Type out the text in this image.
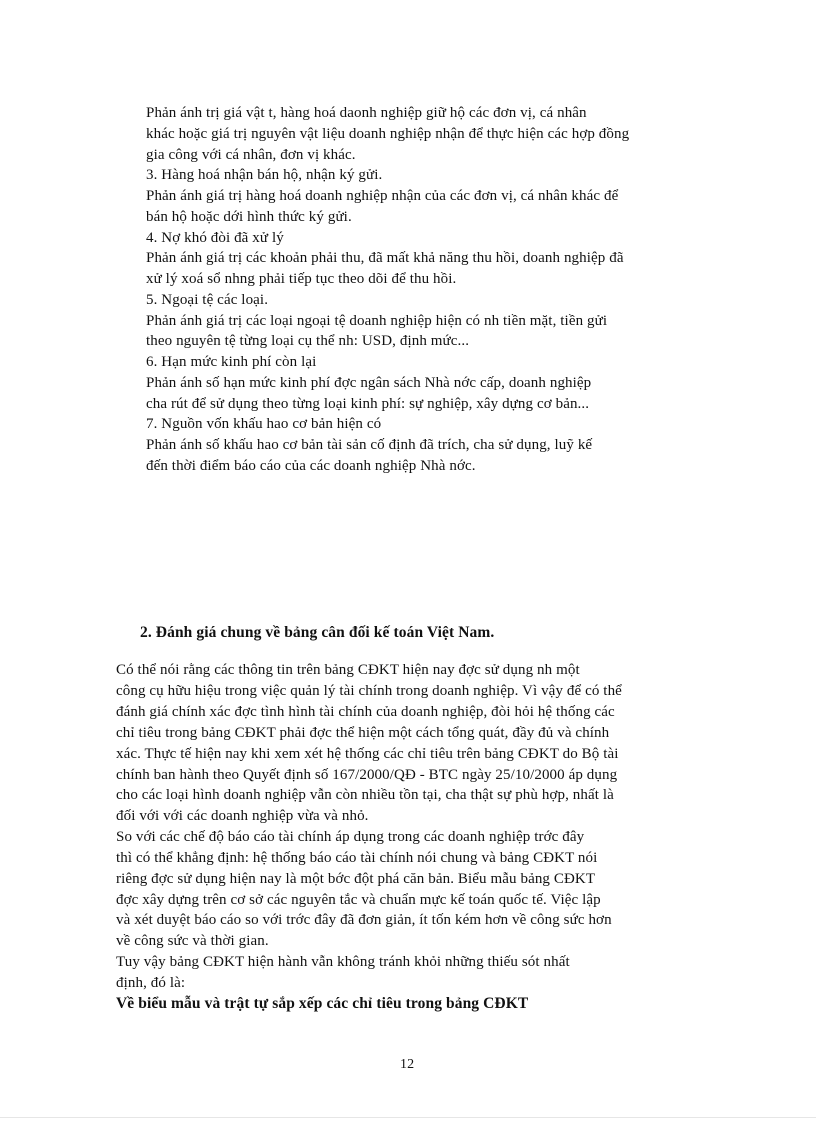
Phản ánh trị giá vật t, hàng hoá daonh nghiệp giữ hộ các đơn vị, cá nhân
khác hoặc giá trị nguyên vật liệu doanh nghiệp nhận để thực hiện các hợp đồng
gia công với cá nhân, đơn vị khác.
3. Hàng hoá nhận bán hộ, nhận ký gửi.
Phản ánh giá trị hàng hoá doanh nghiệp nhận của các đơn vị, cá nhân khác để
bán hộ hoặc dới hình thức ký gửi.
4. Nợ khó đòi đã xử lý
Phản ánh giá trị các khoản phải thu, đã mất khả năng thu hồi, doanh nghiệp đã
xử lý xoá sổ nhng phải tiếp tục theo dõi để thu hồi.
5. Ngoại tệ các loại.
Phản ánh giá trị các loại ngoại tệ doanh nghiệp hiện có nh tiền mặt, tiền gửi
theo nguyên tệ từng loại cụ thể nh: USD, định mức...
6. Hạn mức kinh phí còn lại
Phản ánh số hạn mức kinh phí đợc ngân sách Nhà nớc cấp, doanh nghiệp
cha rút để sử dụng theo từng loại kinh phí: sự nghiệp, xây dựng cơ bản...
7. Nguồn vốn khấu hao cơ bản hiện có
Phản ánh số khấu hao cơ bản tài sản cố định đã trích, cha sử dụng, luỹ kế
đến thời điểm báo cáo của các doanh nghiệp Nhà nớc.
2. Đánh giá chung về bảng cân đối kế toán Việt Nam.
Có thể nói rằng các thông tin trên bảng CĐKT hiện nay đợc sử dụng nh một
công cụ hữu hiệu trong việc quản lý tài chính trong doanh nghiệp. Vì vậy để có thể
đánh giá chính xác đợc tình hình tài chính của doanh nghiệp, đòi hỏi hệ thống các
chỉ tiêu trong bảng CĐKT phải đợc thể hiện một cách tổng quát, đầy đủ và chính
xác. Thực tế hiện nay khi xem xét hệ thống các chỉ tiêu trên bảng CĐKT do Bộ tài
chính ban hành theo Quyết định số 167/2000/QĐ - BTC ngày 25/10/2000 áp dụng
cho các loại hình doanh nghiệp vẫn còn nhiều tồn tại, cha thật sự phù hợp, nhất là
đối với với các doanh nghiệp vừa và nhỏ.
So với các chế độ báo cáo tài chính áp dụng trong các doanh nghiệp trớc đây
thì có thể khẳng định: hệ thống báo cáo tài chính nói chung và bảng CĐKT nói
riêng đợc sử dụng hiện nay là một bớc đột phá căn bản. Biểu mẫu bảng CĐKT
đợc xây dựng trên cơ sở các nguyên tắc và chuẩn mực kế toán quốc tế. Việc lập
và xét duyệt báo cáo so với trớc đây đã đơn giản, ít tốn kém hơn về công sức hơn
về công sức và thời gian.
Tuy vậy bảng CĐKT hiện hành vẫn không tránh khỏi những thiếu sót nhất
định, đó là:
Về biểu mẫu và trật tự sắp xếp các chỉ tiêu trong bảng CĐKT
12
